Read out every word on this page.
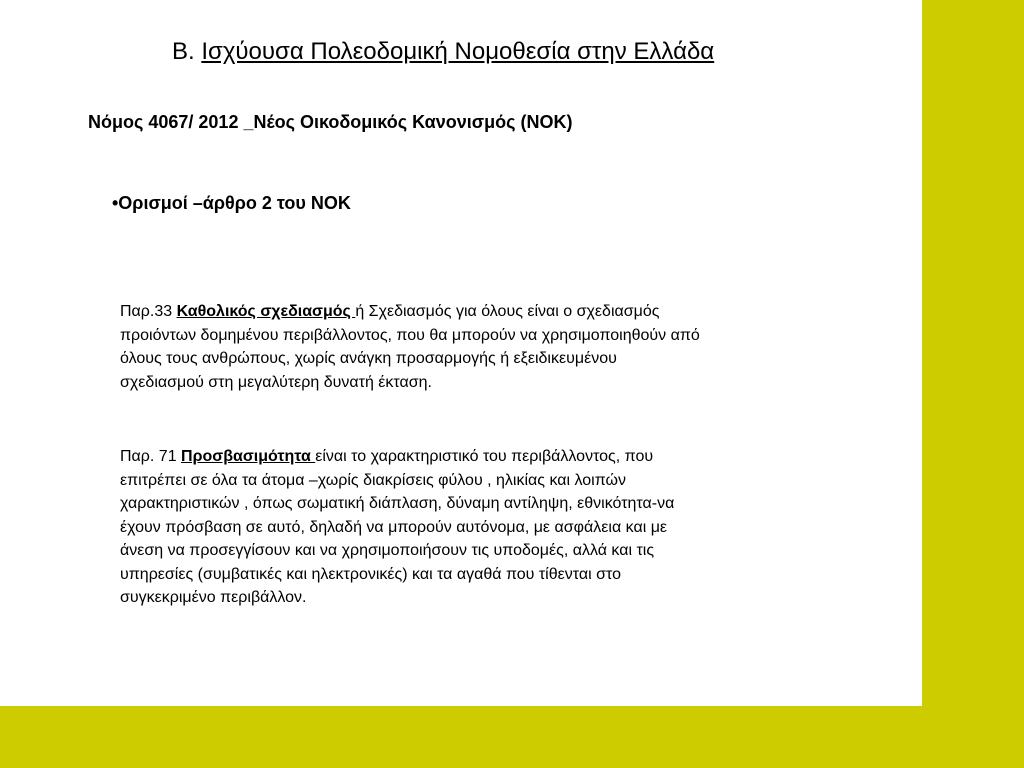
Β. Ισχύουσα Πολεοδομική Νομοθεσία στην Ελλάδα
Νόμος 4067/ 2012 _Νέος Οικοδομικός Κανονισμός (ΝΟΚ)
•Ορισμοί –άρθρο 2 του ΝΟΚ
Παρ.33 Καθολικός σχεδιασμός ή Σχεδιασμός για όλους είναι ο σχεδιασμός
προιόντων δομημένου περιβάλλοντος, που θα μπορούν να χρησιμοποιηθούν από
όλους τους ανθρώπους, χωρίς ανάγκη προσαρμογής ή εξειδικευμένου
σχεδιασμού στη μεγαλύτερη δυνατή έκταση.
Παρ. 71 Προσβασιμότητα είναι το χαρακτηριστικό του περιβάλλοντος, που
επιτρέπει σε όλα τα άτομα –χωρίς διακρίσεις φύλου , ηλικίας και λοιπών
χαρακτηριστικών , όπως σωματική διάπλαση, δύναμη αντίληψη, εθνικότητα-να
έχουν πρόσβαση σε αυτό, δηλαδή να μπορούν αυτόνομα, με ασφάλεια και με
άνεση να προσεγγίσουν και να χρησιμοποιήσουν τις υποδομές, αλλά και τις
υπηρεσίες (συμβατικές και ηλεκτρονικές) και τα αγαθά που τίθενται στο
συγκεκριμένο περιβάλλον.
